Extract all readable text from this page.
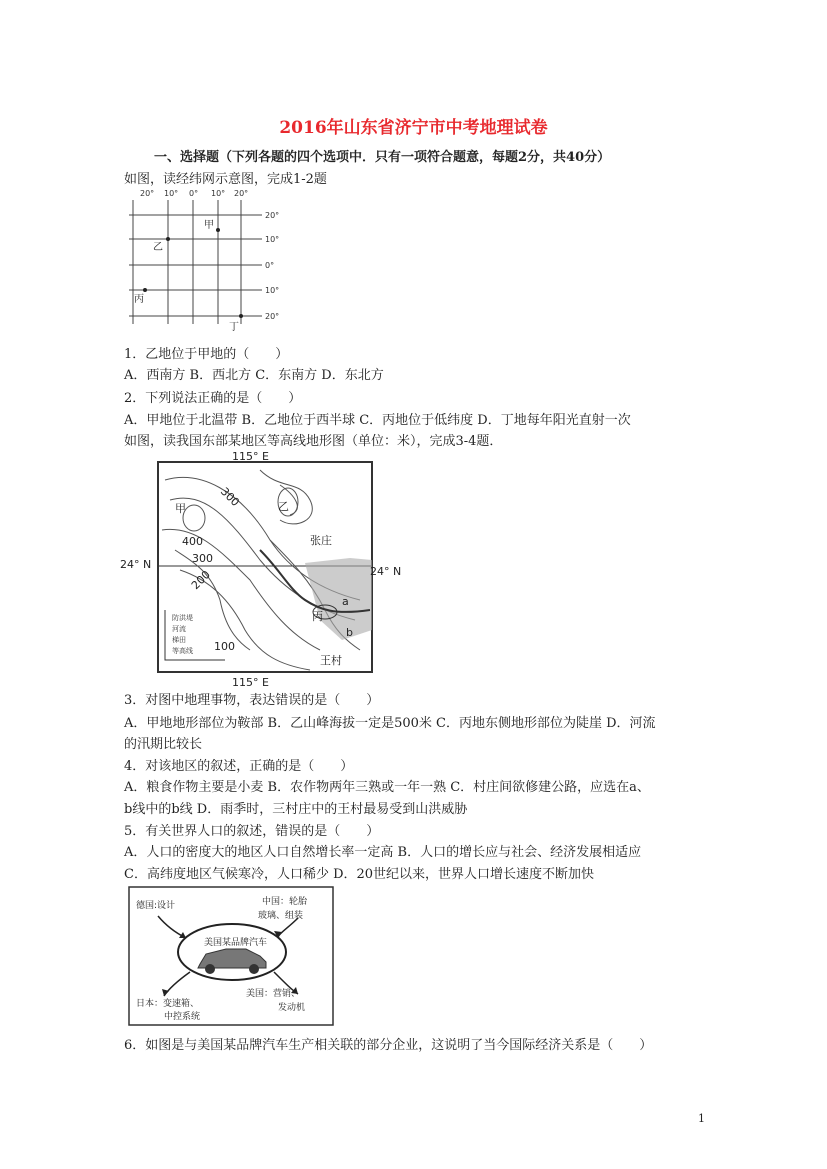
2016年山东省济宁市中考地理试卷
一、选择题（下列各题的四个选项中．只有一项符合题意，每题2分，共40分）
如图，读经纬网示意图，完成1-2题
20° 10° 0° 10° 20°
20°
10°
0°
10°
20°
甲
乙
丙
丁
1．乙地位于甲地的（　　）
A．西南方 B．西北方 C．东南方 D．东北方
2．下列说法正确的是（　　）
A．甲地位于北温带 B．乙地位于西半球 C．丙地位于低纬度 D．丁地每年阳光直射一次
如图，读我国东部某地区等高线地形图（单位：米），完成3-4题．
防洪堤
河流
梯田
等高线
115° E
115° E
24° N
24° N
甲	乙
丙
张庄
王村
a
b
300
400
300
200
100
3．对图中地理事物，表达错误的是（　　）
A．甲地地形部位为鞍部 B．乙山峰海拔一定是500米 C．丙地东侧地形部位为陡崖 D．河流
的汛期比较长
4．对该地区的叙述，正确的是（　　）
A．粮食作物主要是小麦 B．农作物两年三熟或一年一熟 C．村庄间欲修建公路，应选在a、
b线中的b线 D．雨季时，三村庄中的王村最易受到山洪威胁
5．有关世界人口的叙述，错误的是（　　）
A．人口的密度大的地区人口自然增长率一定高 B．人口的增长应与社会、经济发展相适应
C．高纬度地区气候寒冷，人口稀少 D．20世纪以来，世界人口增长速度不断加快
美国某品牌汽车
德国:设计	中国：轮胎
玻璃、组装
日本：变速箱、
中控系统
美国：营销、
发动机
6．如图是与美国某品牌汽车生产相关联的部分企业，这说明了当今国际经济关系是（　　）
1
